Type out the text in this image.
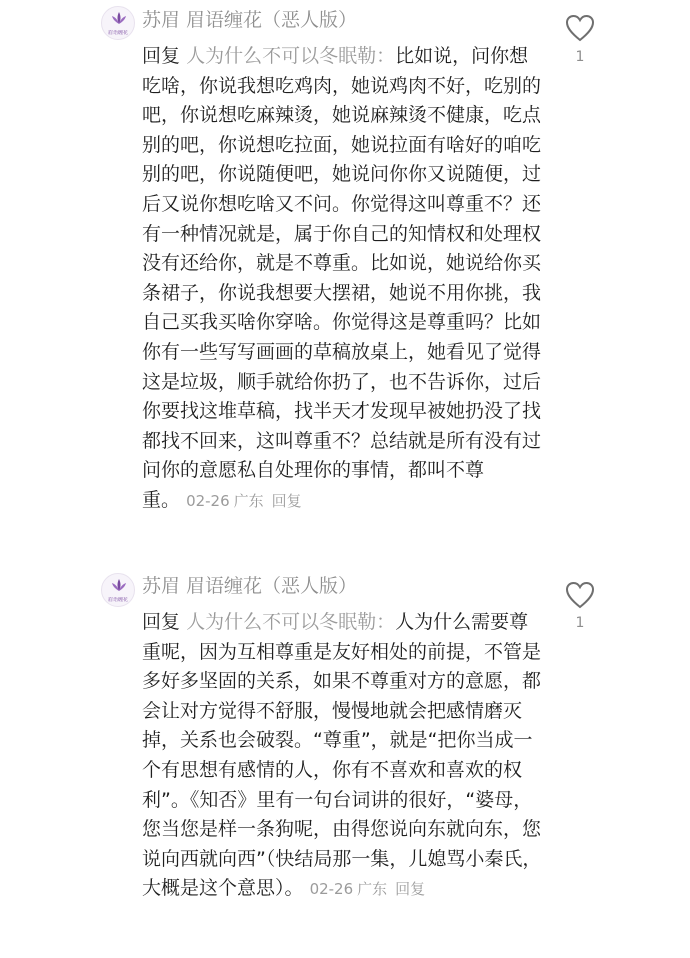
眉语缠花
苏眉 眉语缠花（恶人版）
1

回复 人为什么不可以冬眠勒：比如说，问你想吃啥，你说我想吃鸡肉，她说鸡肉不好，吃别的吧，你说想吃麻辣烫，她说麻辣烫不健康，吃点别的吧，你说想吃拉面，她说拉面有啥好的咱吃别的吧，你说随便吧，她说问你你又说随便，过后又说你想吃啥又不问。你觉得这叫尊重不？还有一种情况就是，属于你自己的知情权和处理权没有还给你，就是不尊重。比如说，她说给你买条裙子，你说我想要大摆裙，她说不用你挑，我自己买我买啥你穿啥。你觉得这是尊重吗？比如你有一些写写画画的草稿放桌上，她看见了觉得这是垃圾，顺手就给你扔了，也不告诉你，过后你要找这堆草稿，找半天才发现早被她扔没了找都找不回来，这叫尊重不？总结就是所有没有过问你的意愿私自处理你的事情，都叫不尊重。 02-26 广东 回复

眉语缠花
苏眉 眉语缠花（恶人版）
1

回复 人为什么不可以冬眠勒：人为什么需要尊重呢，因为互相尊重是友好相处的前提，不管是多好多坚固的关系，如果不尊重对方的意愿，都会让对方觉得不舒服，慢慢地就会把感情磨灭掉，关系也会破裂。“尊重”，就是“把你当成一个有思想有感情的人，你有不喜欢和喜欢的权利”。《知否》里有一句台词讲的很好，“婆母，您当您是样一条狗呢，由得您说向东就向东，您说向西就向西”（快结局那一集，儿媳骂小秦氏，大概是这个意思）。 02-26 广东 回复
